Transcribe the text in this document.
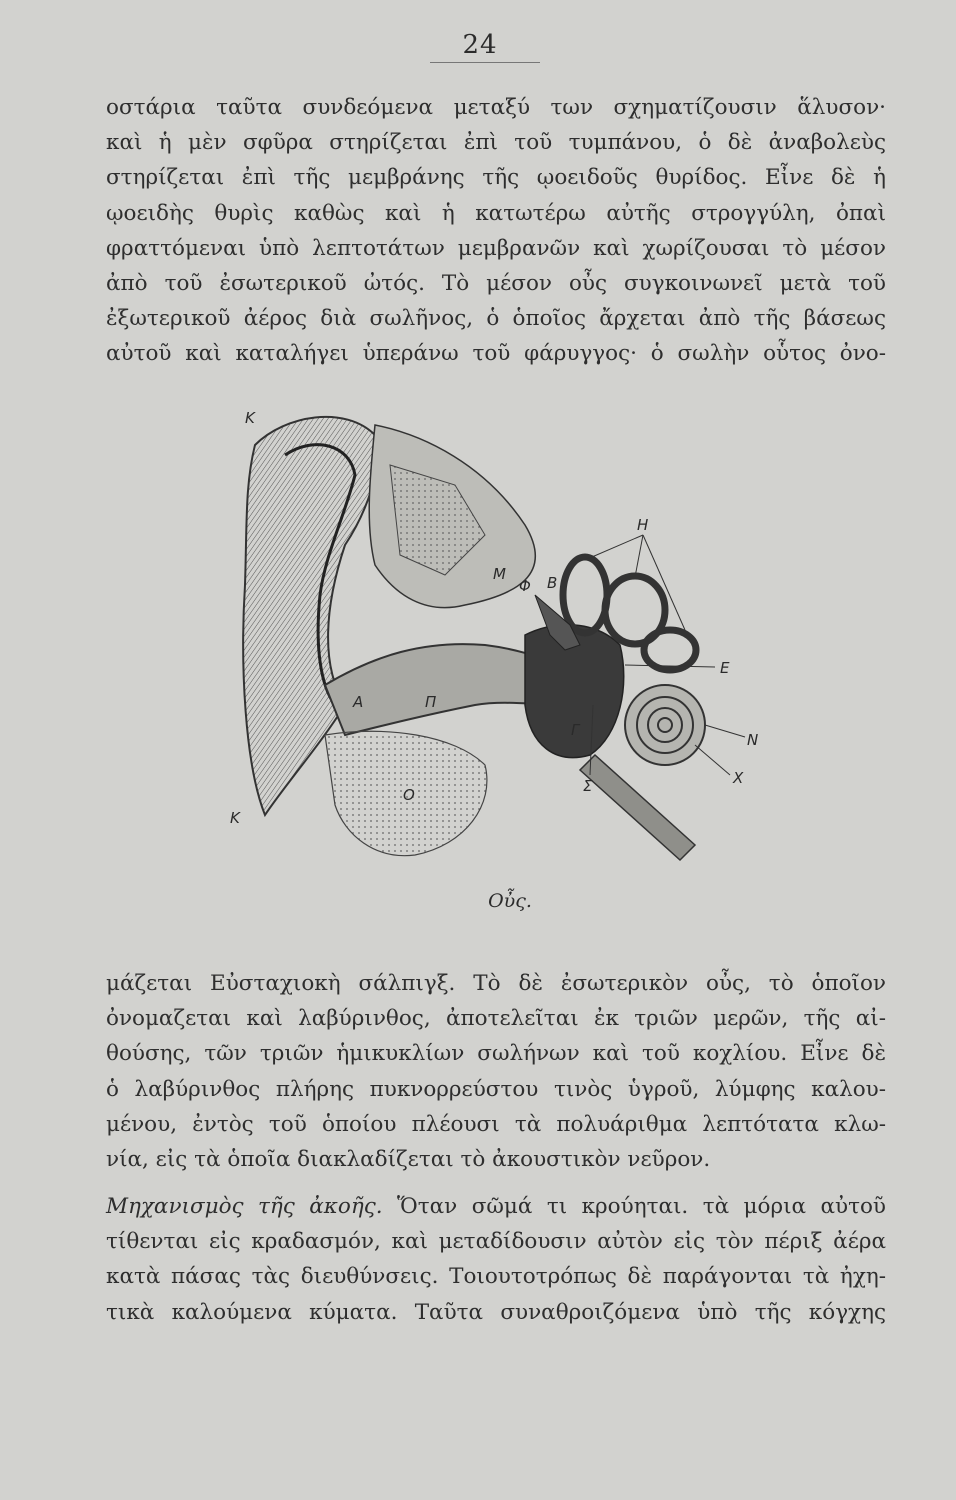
24
οστάρια ταῦτα συνδεόμενα μεταξύ των σχηματίζουσιν ἅλυσον·
καὶ ἡ μὲν σφῦρα στηρίζεται ἐπὶ τοῦ τυμπάνου, ὁ δὲ ἀναβολεὺς
στηρίζεται ἐπὶ τῆς μεμβράνης τῆς ῳοειδοῦς θυρίδος. Εἶνε δὲ ἡ
ῳοειδὴς θυρὶς καθὼς καὶ ἡ κατωτέρω αὐτῆς στρογγύλη, ὀπαὶ
φραττόμεναι ὑπὸ λεπτοτάτων μεμβρανῶν καὶ χωρίζουσαι τὸ μέσον
ἀπὸ τοῦ ἐσωτερικοῦ ὠτός. Τὸ μέσον οὖς συγκοινωνεῖ μετὰ τοῦ
ἐξωτερικοῦ ἀέρος διὰ σωλῆνος, ὁ ὁποῖος ἄρχεται ἀπὸ τῆς βάσεως
αὐτοῦ καὶ καταλήγει ὑπεράνω τοῦ φάρυγγος· ὁ σωλὴν οὗτος ὀνο-
K
K
H
M
Φ B
E
N
X
Γ
Σ
Α	Π
Ο
Οὖς.
μάζεται Εὐσταχιοκὴ σάλπιγξ. Τὸ δὲ ἐσωτερικὸν οὖς, τὸ ὁποῖον
ὀνομαζεται καὶ λαβύρινθος, ἀποτελεῖται ἐκ τριῶν μερῶν, τῆς αἰ-
θούσης, τῶν τριῶν ἡμικυκλίων σωλήνων καὶ τοῦ κοχλίου. Εἶνε δὲ
ὁ λαβύρινθος πλήρης πυκνορρεύστου τινὸς ὑγροῦ, λύμφης καλου-
μένου, ἐντὸς τοῦ ὁποίου πλέουσι τὰ πολυάριθμα λεπτότατα κλω-
νία, εἰς τὰ ὁποῖα διακλαδίζεται τὸ ἀκουστικὸν νεῦρον.
Μηχανισμὸς τῆς ἀκοῆς. Ὅταν σῶμά τι κρούηται. τὰ μόρια αὐτοῦ
τίθενται εἰς κραδασμόν, καὶ μεταδίδουσιν αὐτὸν εἰς τὸν πέριξ ἀέρα
κατὰ πάσας τὰς διευθύνσεις. Τοιουτοτρόπως δὲ παράγονται τὰ ἠχη-
τικὰ καλούμενα κύματα. Ταῦτα συναθροιζόμενα ὑπὸ τῆς κόγχης
